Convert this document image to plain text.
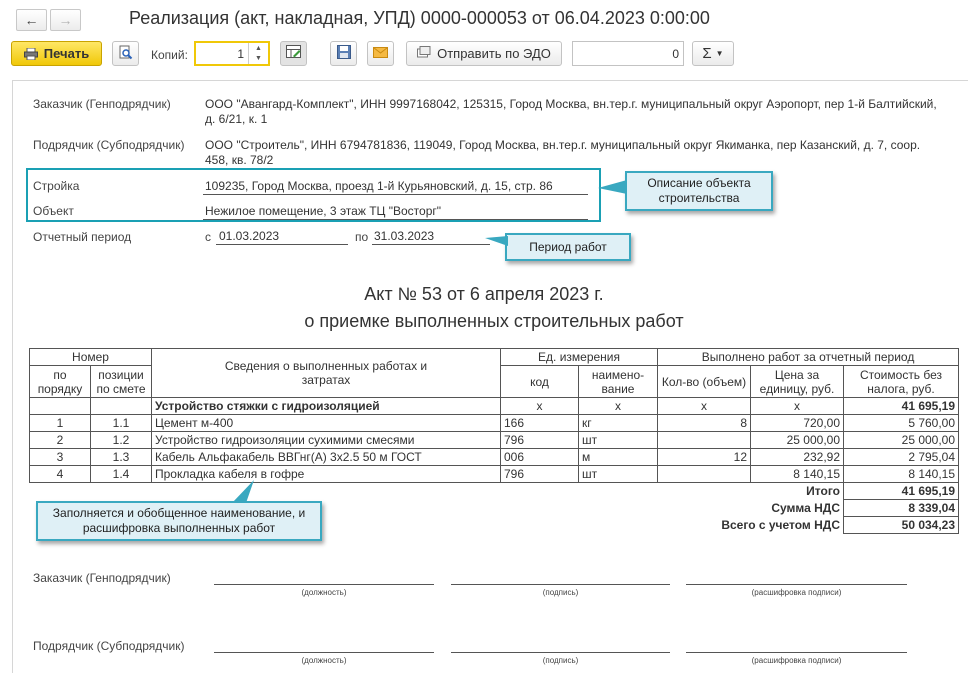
← →	Реализация (акт, накладная, УПД) 0000-000053 от 06.04.2023 0:00:00
Печать	Копий:	1	▲
▼	Отправить по ЭДО	0	Σ ▼
Заказчик (Генподрядчик)	ООО "Авангард-Комплект", ИНН 9997168042, 125315, Город Москва, вн.тер.г. муниципальный округ Аэропорт, пер 1-й Балтийский, д. 6/21, к. 1
Подрядчик (Субподрядчик) ООО "Строитель", ИНН 6794781836, 119049, Город Москва, вн.тер.г. муниципальный округ Якиманка, пер Казанский, д. 7, соор. 458, кв. 78/2
Стройка	109235, Город Москва, проезд 1-й Курьяновский, д. 15, стр. 86
Объект	Нежилое помещение, 3 этаж ТЦ "Восторг"
Отчетный период	с 01.03.2023	по 31.03.2023
Описание объекта строительства
Период работ
Акт № 53 от 6 апреля 2023 г.
о приемке выполненных строительных работ
Номер		Сведения о выполненных работах и затратах	Ед. измерения		Выполнено работ за отчетный период		
по порядку	позиции по смете		код	наимено- вание	Кол-во (объем)	Цена за единицу, руб.	Стоимость без налога, руб.
		Устройство стяжки с гидроизоляцией	х	х	х	х	41 695,19
1	1.1	Цемент м-400	166	кг	8	720,00	5 760,00
2	1.2	Устройство гидроизоляции сухимими смесями	796	шт		25 000,00	25 000,00
3	1.3	Кабель Альфакабель ВВГнг(А) 3х2.5 50 м ГОСТ	006	м	12	232,92	2 795,04
4	1.4	Прокладка кабеля в гофре	796	шт		8 140,15	8 140,15
						Итого	41 695,19
						Сумма НДС	8 339,04
					Всего с учетом НДС		50 034,23
Заполняется и обобщенное наименование, и расшифровка выполненных работ
Заказчик (Генподрядчик)
(должность)	(подпись)	(расшифровка подписи)
Подрядчик (Субподрядчик)
(должность)	(подпись)	(расшифровка подписи)
